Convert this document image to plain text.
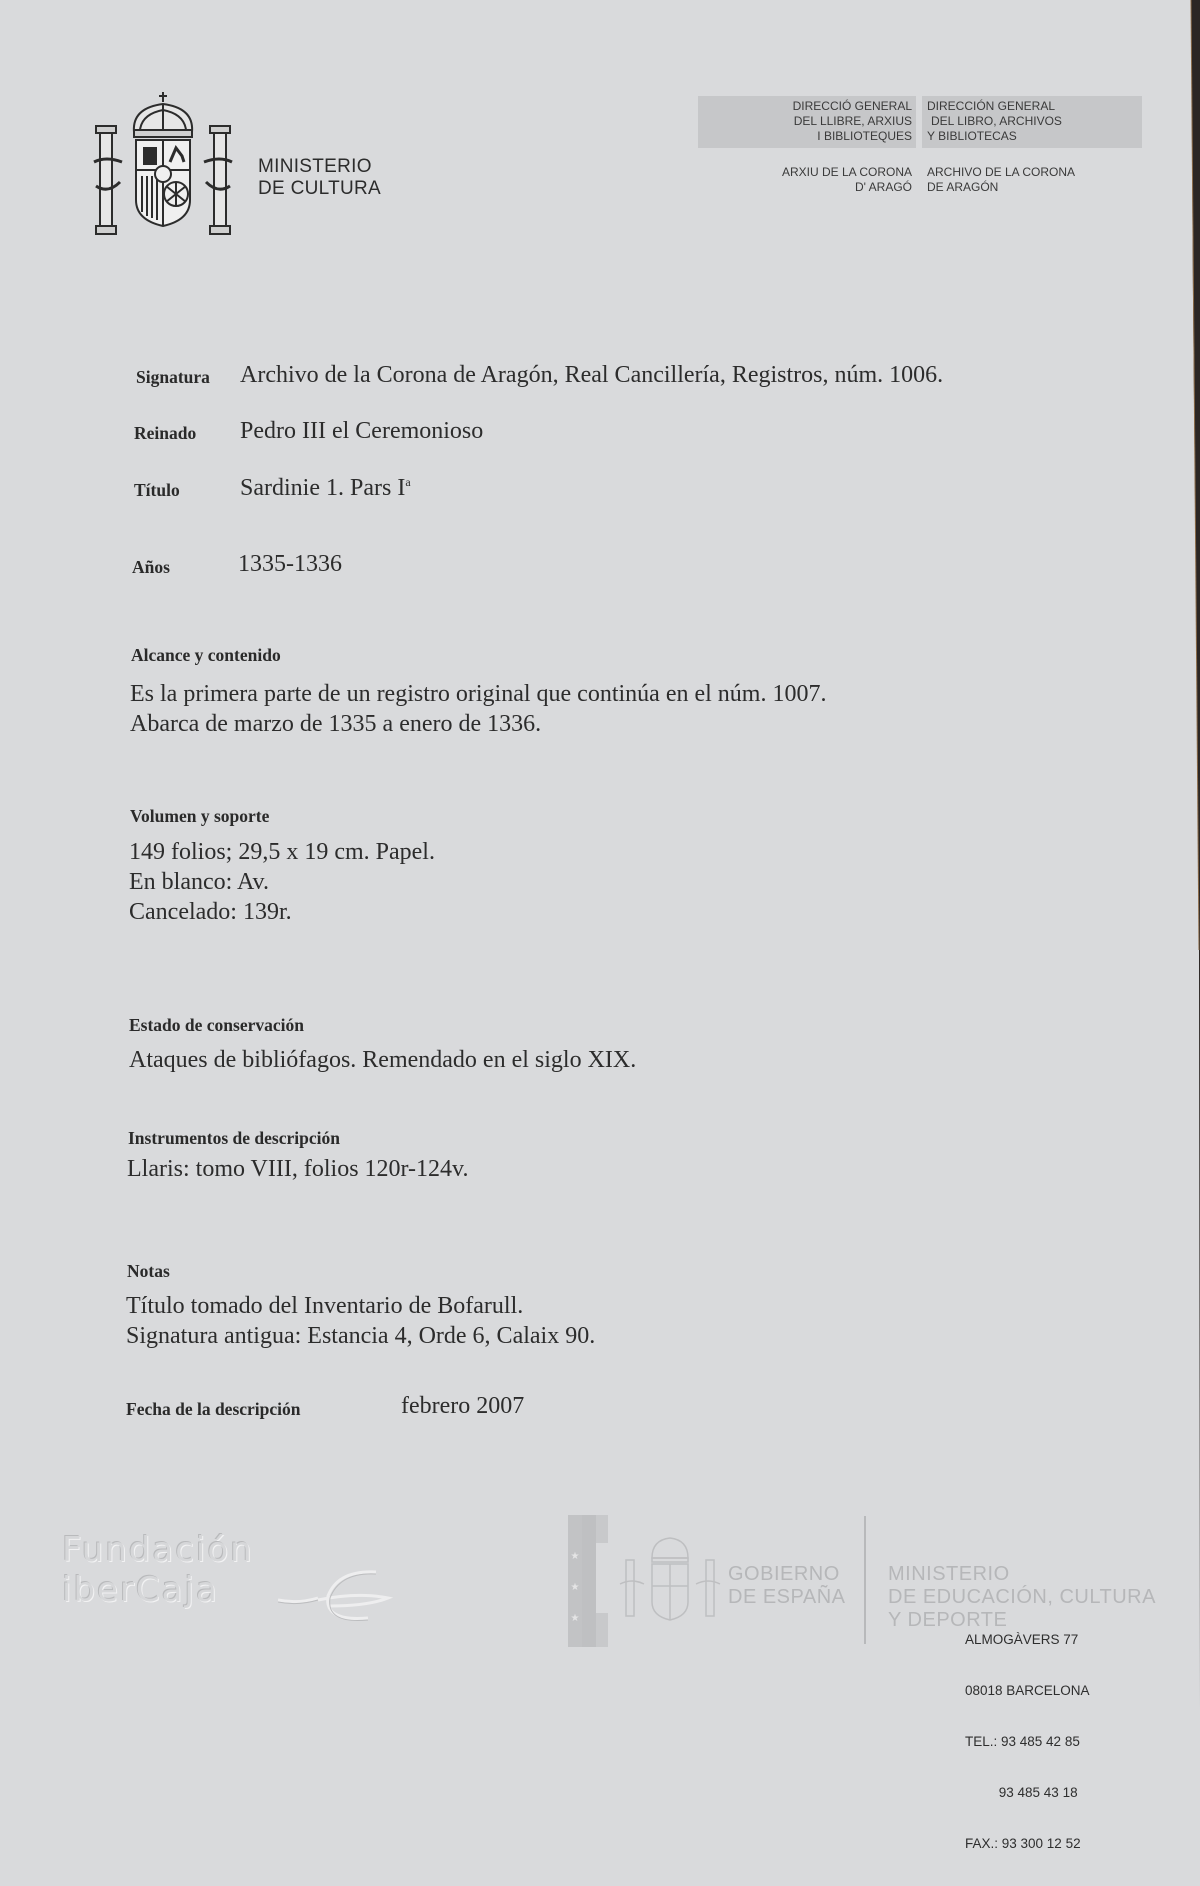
MINISTERIO
DE CULTURA
DIRECCIÓ GENERAL
DEL LLIBRE, ARXIUS
I BIBLIOTEQUES
DIRECCIÓN GENERAL
DEL LIBRO, ARCHIVOS
Y BIBLIOTECAS
ARXIU DE LA CORONA
D' ARAGÓ
ARCHIVO DE LA CORONA
DE ARAGÓN
Signatura Archivo de la Corona de Aragón, Real Cancillería, Registros, núm. 1006.
Reinado Pedro III el Ceremonioso
Título	Sardinie 1. Pars $I^a$
Años	1335-1336
Alcance y contenido
Es la primera parte de un registro original que continúa en el núm. 1007.
Abarca de marzo de 1335 a enero de 1336.
Volumen y soporte
149 folios; 29,5 x 19 cm. Papel.
En blanco: Av.
Cancelado: 139r.
Estado de conservación
Ataques de bibliófagos. Remendado en el siglo XIX.
Instrumentos de descripción
Llaris: tomo VIII, folios 120r-124v.
Notas
Título tomado del Inventario de Bofarull.
Signatura antigua: Estancia 4, Orde 6, Calaix 90.
Fecha de la descripción	febrero 2007
Fundación
iberCaja
★
★
★
GOBIERNO
DE ESPAÑA
MINISTERIO
DE EDUCACIÓN, CULTURA
Y DEPORTE

ALMOGÀVERS 77

08018 BARCELONA

TEL.: 93 485 42 85

93 485 43 18

FAX.: 93 300 12 52
